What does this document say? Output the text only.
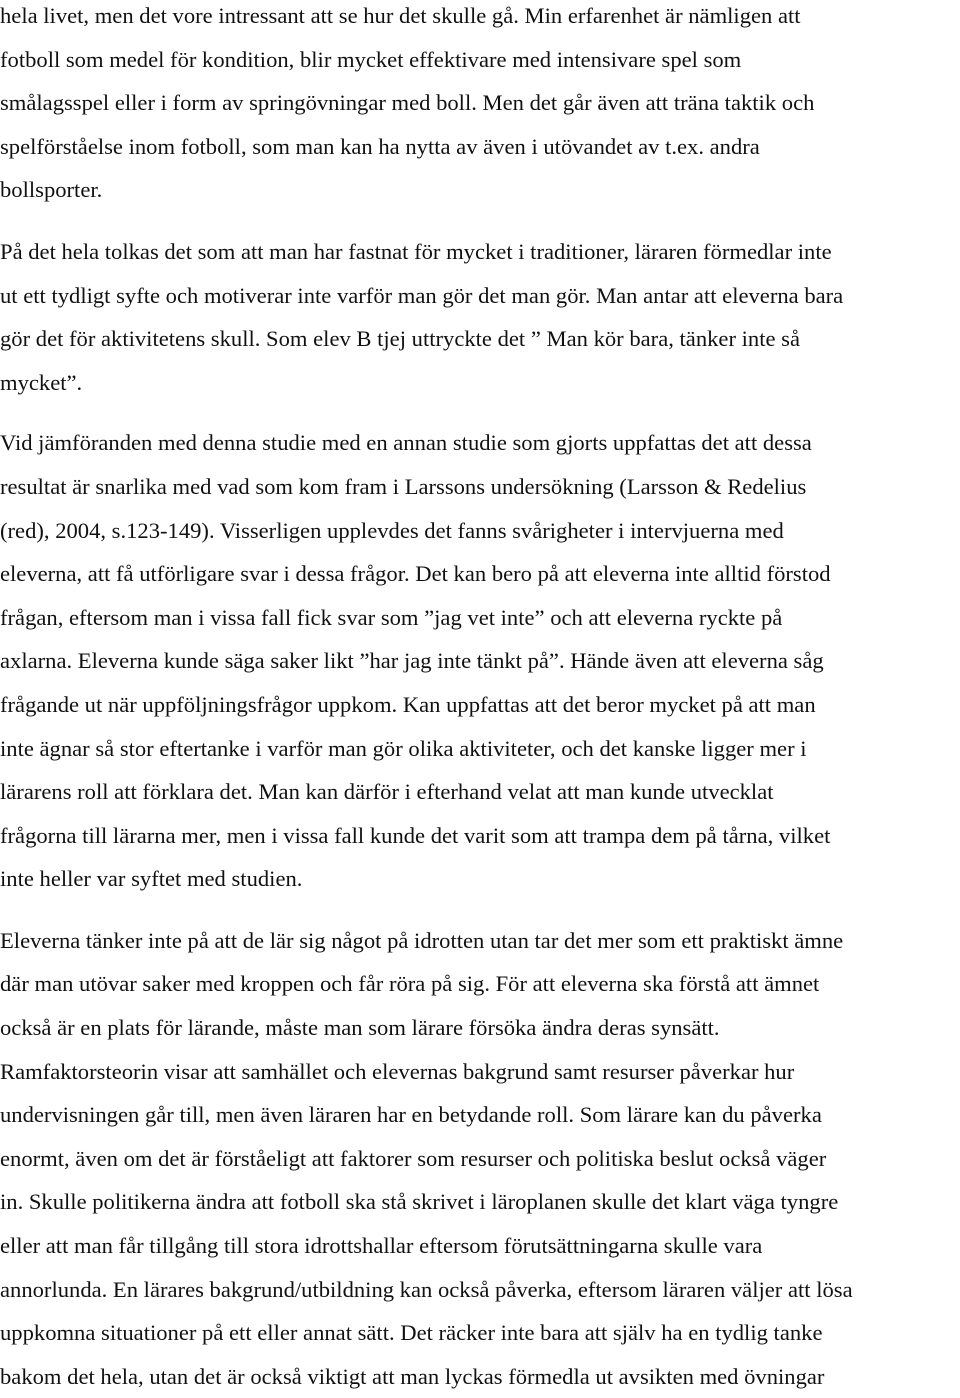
hela livet, men det vore intressant att se hur det skulle gå. Min erfarenhet är nämligen att
fotboll som medel för kondition, blir mycket effektivare med intensivare spel som
smålagsspel eller i form av springövningar med boll. Men det går även att träna taktik och
spelförståelse inom fotboll, som man kan ha nytta av även i utövandet av t.ex. andra
bollsporter.
På det hela tolkas det som att man har fastnat för mycket i traditioner, läraren förmedlar inte
ut ett tydligt syfte och motiverar inte varför man gör det man gör. Man antar att eleverna bara
gör det för aktivitetens skull. Som elev B tjej uttryckte det ” Man kör bara, tänker inte så
mycket”.
Vid jämföranden med denna studie med en annan studie som gjorts uppfattas det att dessa
resultat är snarlika med vad som kom fram i Larssons undersökning (Larsson & Redelius
(red), 2004, s.123-149). Visserligen upplevdes det fanns svårigheter i intervjuerna med
eleverna, att få utförligare svar i dessa frågor. Det kan bero på att eleverna inte alltid förstod
frågan, eftersom man i vissa fall fick svar som ”jag vet inte” och att eleverna ryckte på
axlarna. Eleverna kunde säga saker likt ”har jag inte tänkt på”. Hände även att eleverna såg
frågande ut när uppföljningsfrågor uppkom. Kan uppfattas att det beror mycket på att man
inte ägnar så stor eftertanke i varför man gör olika aktiviteter, och det kanske ligger mer i
lärarens roll att förklara det. Man kan därför i efterhand velat att man kunde utvecklat
frågorna till lärarna mer, men i vissa fall kunde det varit som att trampa dem på tårna, vilket
inte heller var syftet med studien.
Eleverna tänker inte på att de lär sig något på idrotten utan tar det mer som ett praktiskt ämne
där man utövar saker med kroppen och får röra på sig. För att eleverna ska förstå att ämnet
också är en plats för lärande, måste man som lärare försöka ändra deras synsätt.
Ramfaktorsteorin visar att samhället och elevernas bakgrund samt resurser påverkar hur
undervisningen går till, men även läraren har en betydande roll. Som lärare kan du påverka
enormt, även om det är förståeligt att faktorer som resurser och politiska beslut också väger
in. Skulle politikerna ändra att fotboll ska stå skrivet i läroplanen skulle det klart väga tyngre
eller att man får tillgång till stora idrottshallar eftersom förutsättningarna skulle vara
annorlunda. En lärares bakgrund/utbildning kan också påverka, eftersom läraren väljer att lösa
uppkomna situationer på ett eller annat sätt. Det räcker inte bara att själv ha en tydlig tanke
bakom det hela, utan det är också viktigt att man lyckas förmedla ut avsikten med övningar
